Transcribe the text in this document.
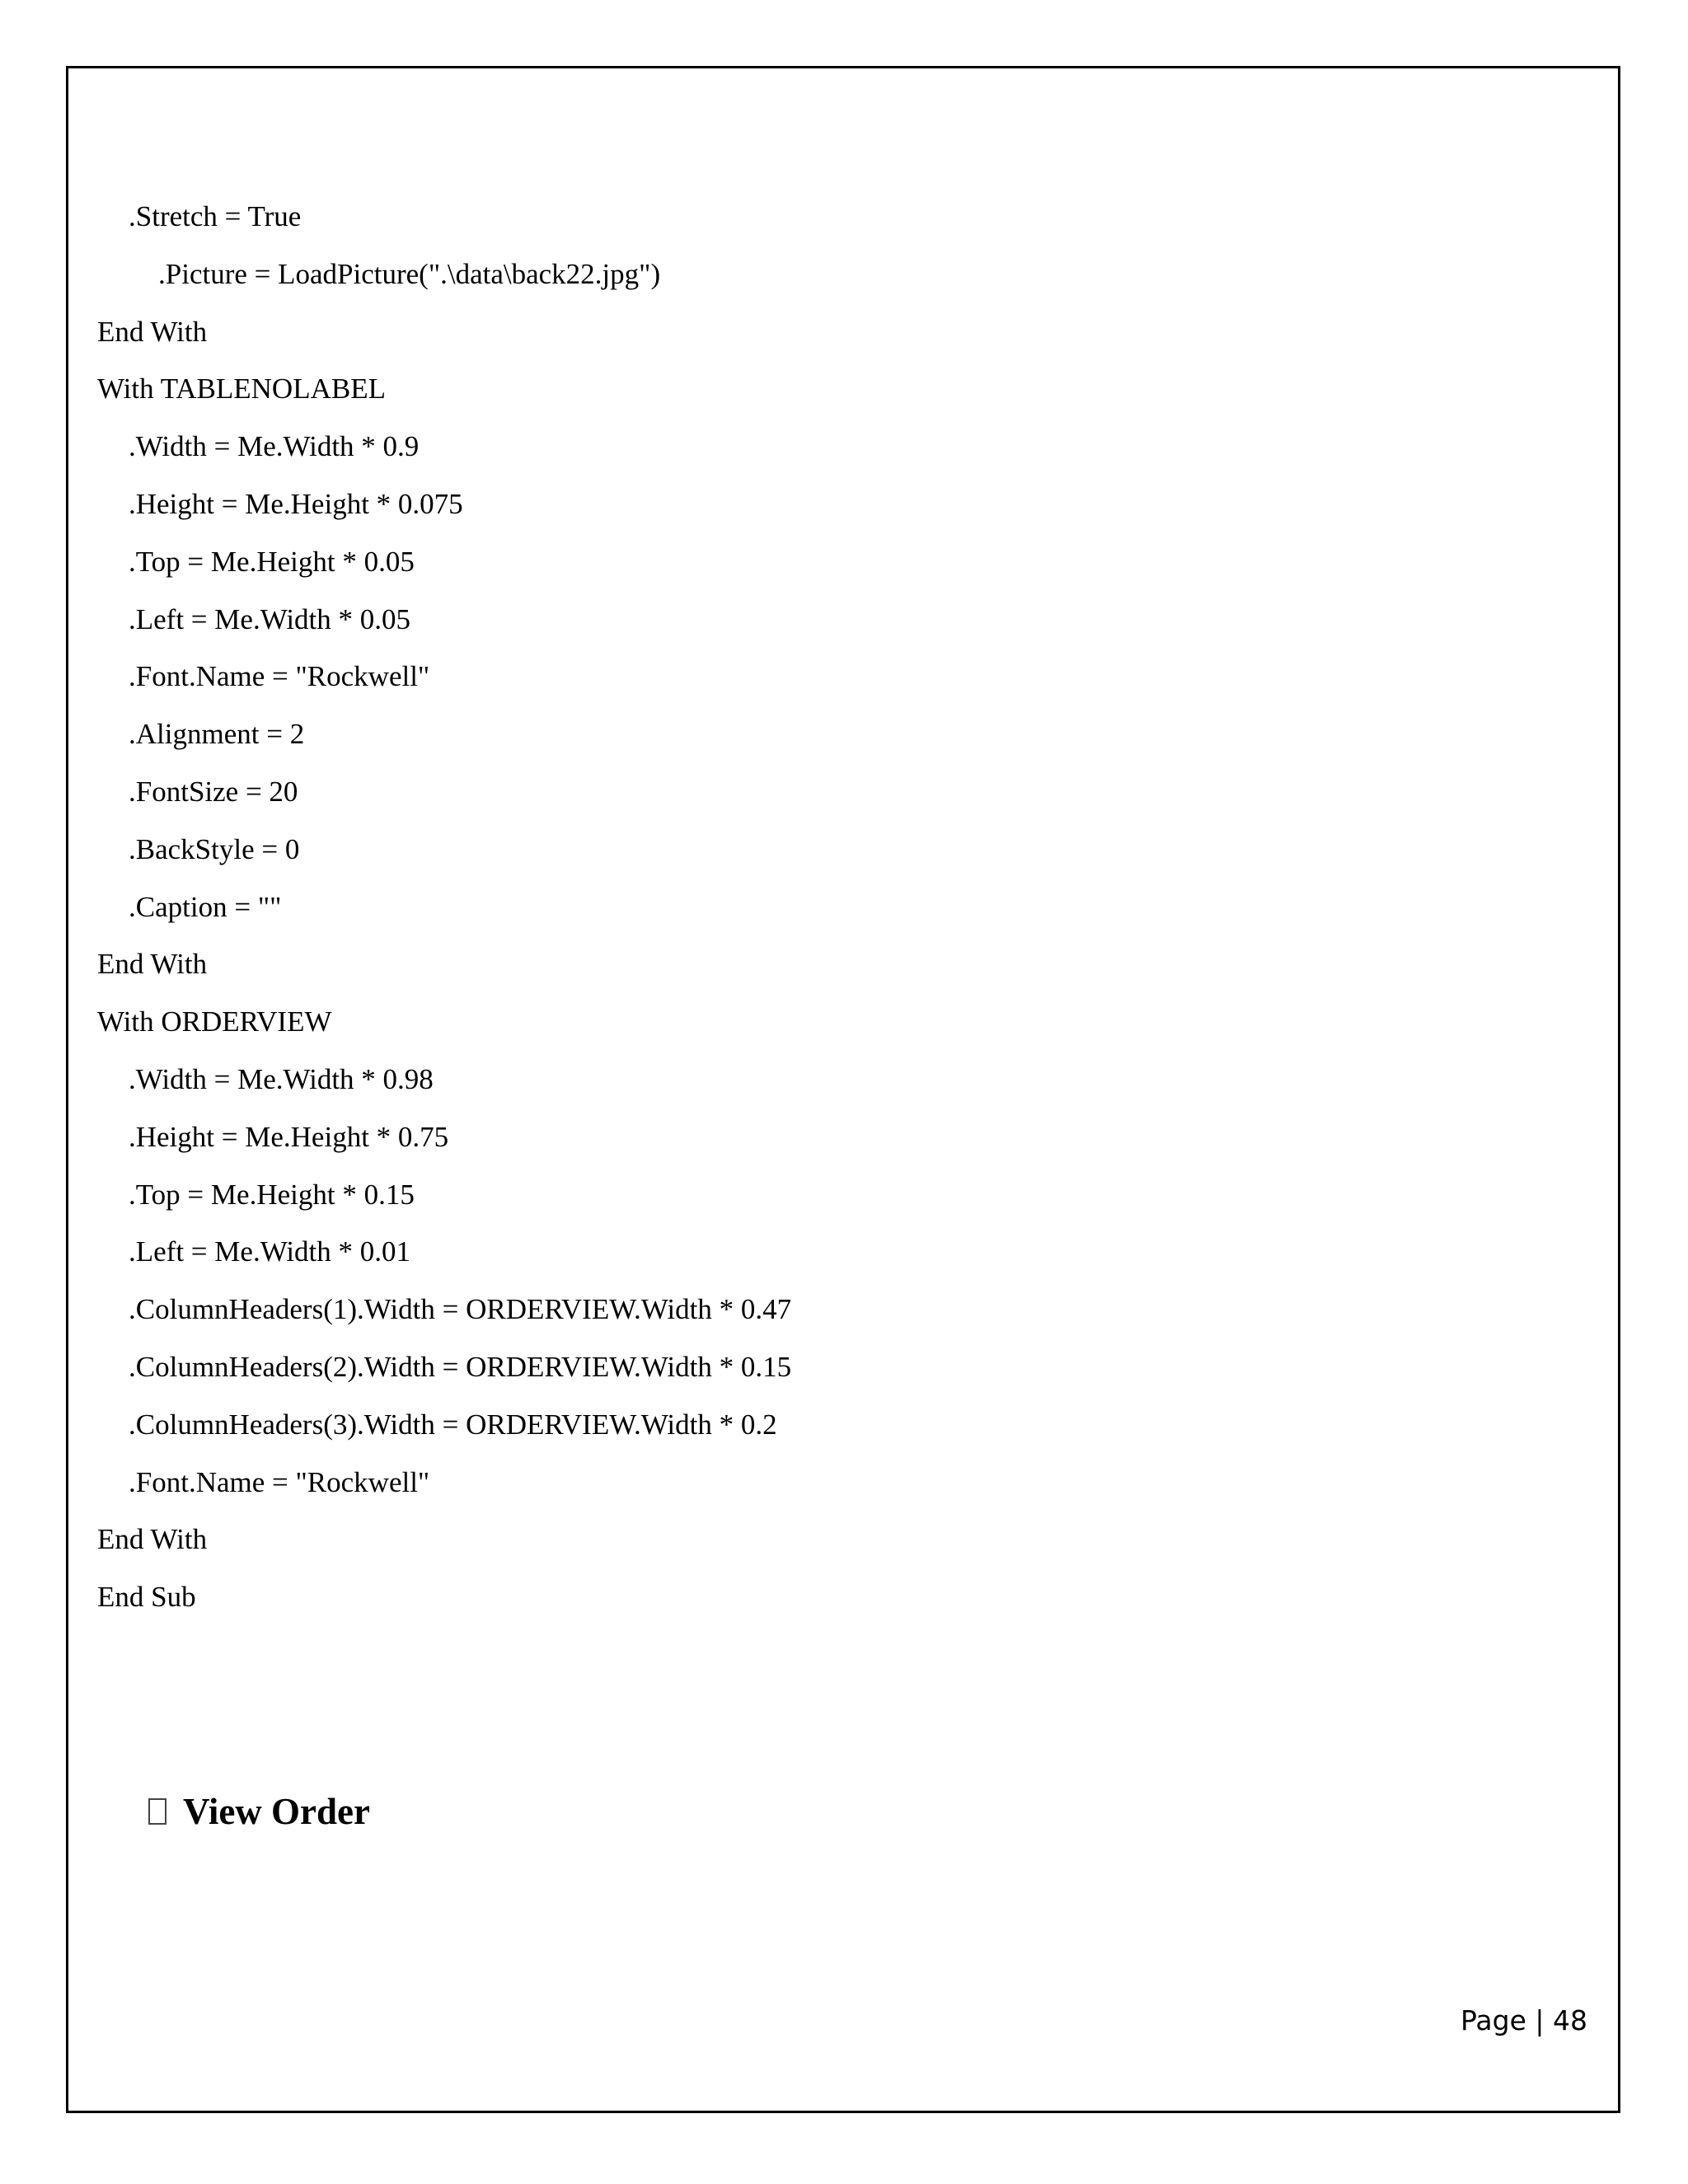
.Stretch = True
.Picture = LoadPicture(".\data\back22.jpg")
End With
With TABLENOLABEL
.Width = Me.Width * 0.9
.Height = Me.Height * 0.075
.Top = Me.Height * 0.05
.Left = Me.Width * 0.05
.Font.Name = "Rockwell"
.Alignment = 2
.FontSize = 20
.BackStyle = 0
.Caption = ""
End With
With ORDERVIEW
.Width = Me.Width * 0.98
.Height = Me.Height * 0.75
.Top = Me.Height * 0.15
.Left = Me.Width * 0.01
.ColumnHeaders(1).Width = ORDERVIEW.Width * 0.47
.ColumnHeaders(2).Width = ORDERVIEW.Width * 0.15
.ColumnHeaders(3).Width = ORDERVIEW.Width * 0.2
.Font.Name = "Rockwell"
End With
End Sub
View Order
Page | 48
